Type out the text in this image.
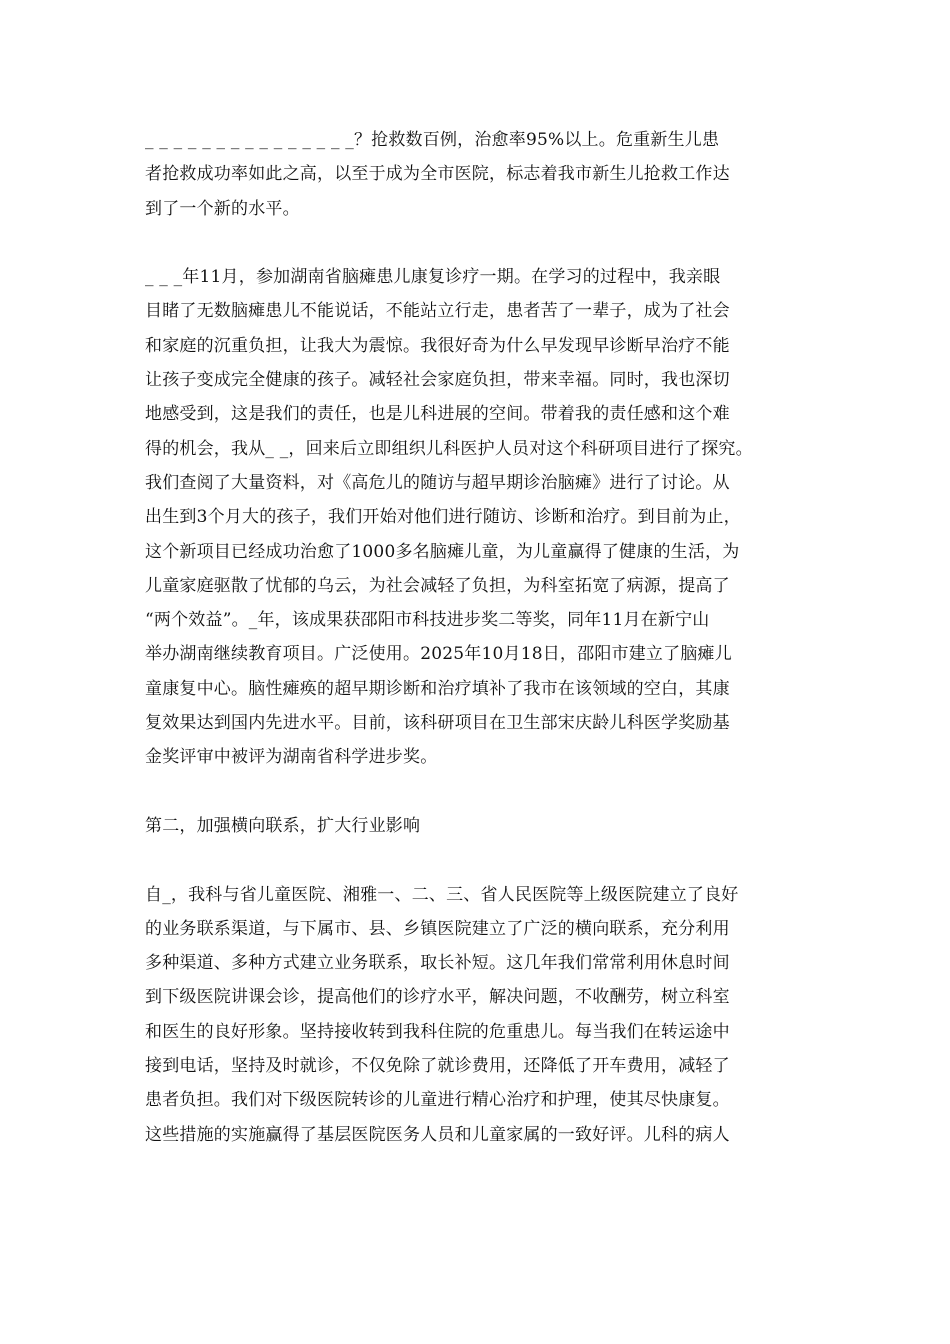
_ _ _ _ _ _ _ _ _ _ _ _ _ _ _？抢救数百例，治愈率95%以上。危重新生儿患
者抢救成功率如此之高，以至于成为全市医院，标志着我市新生儿抢救工作达
到了一个新的水平。
_ _ _年11月，参加湖南省脑瘫患儿康复诊疗一期。在学习的过程中，我亲眼
目睹了无数脑瘫患儿不能说话，不能站立行走，患者苦了一辈子，成为了社会
和家庭的沉重负担，让我大为震惊。我很好奇为什么早发现早诊断早治疗不能
让孩子变成完全健康的孩子。减轻社会家庭负担，带来幸福。同时，我也深切
地感受到，这是我们的责任，也是儿科进展的空间。带着我的责任感和这个难
得的机会，我从_ _，回来后立即组织儿科医护人员对这个科研项目进行了探究。
我们查阅了大量资料，对《高危儿的随访与超早期诊治脑瘫》进行了讨论。从
出生到3个月大的孩子，我们开始对他们进行随访、诊断和治疗。到目前为止，
这个新项目已经成功治愈了1000多名脑瘫儿童，为儿童赢得了健康的生活，为
儿童家庭驱散了忧郁的乌云，为社会减轻了负担，为科室拓宽了病源，提高了
“两个效益”。_年，该成果获邵阳市科技进步奖二等奖，同年11月在新宁山
举办湖南继续教育项目。广泛使用。2025年10月18日，邵阳市建立了脑瘫儿
童康复中心。脑性瘫痪的超早期诊断和治疗填补了我市在该领域的空白，其康
复效果达到国内先进水平。目前，该科研项目在卫生部宋庆龄儿科医学奖励基
金奖评审中被评为湖南省科学进步奖。
第二，加强横向联系，扩大行业影响
自_，我科与省儿童医院、湘雅一、二、三、省人民医院等上级医院建立了良好
的业务联系渠道，与下属市、县、乡镇医院建立了广泛的横向联系，充分利用
多种渠道、多种方式建立业务联系，取长补短。这几年我们常常利用休息时间
到下级医院讲课会诊，提高他们的诊疗水平，解决问题，不收酬劳，树立科室
和医生的良好形象。坚持接收转到我科住院的危重患儿。每当我们在转运途中
接到电话，坚持及时就诊，不仅免除了就诊费用，还降低了开车费用，减轻了
患者负担。我们对下级医院转诊的儿童进行精心治疗和护理，使其尽快康复。
这些措施的实施赢得了基层医院医务人员和儿童家属的一致好评。儿科的病人
